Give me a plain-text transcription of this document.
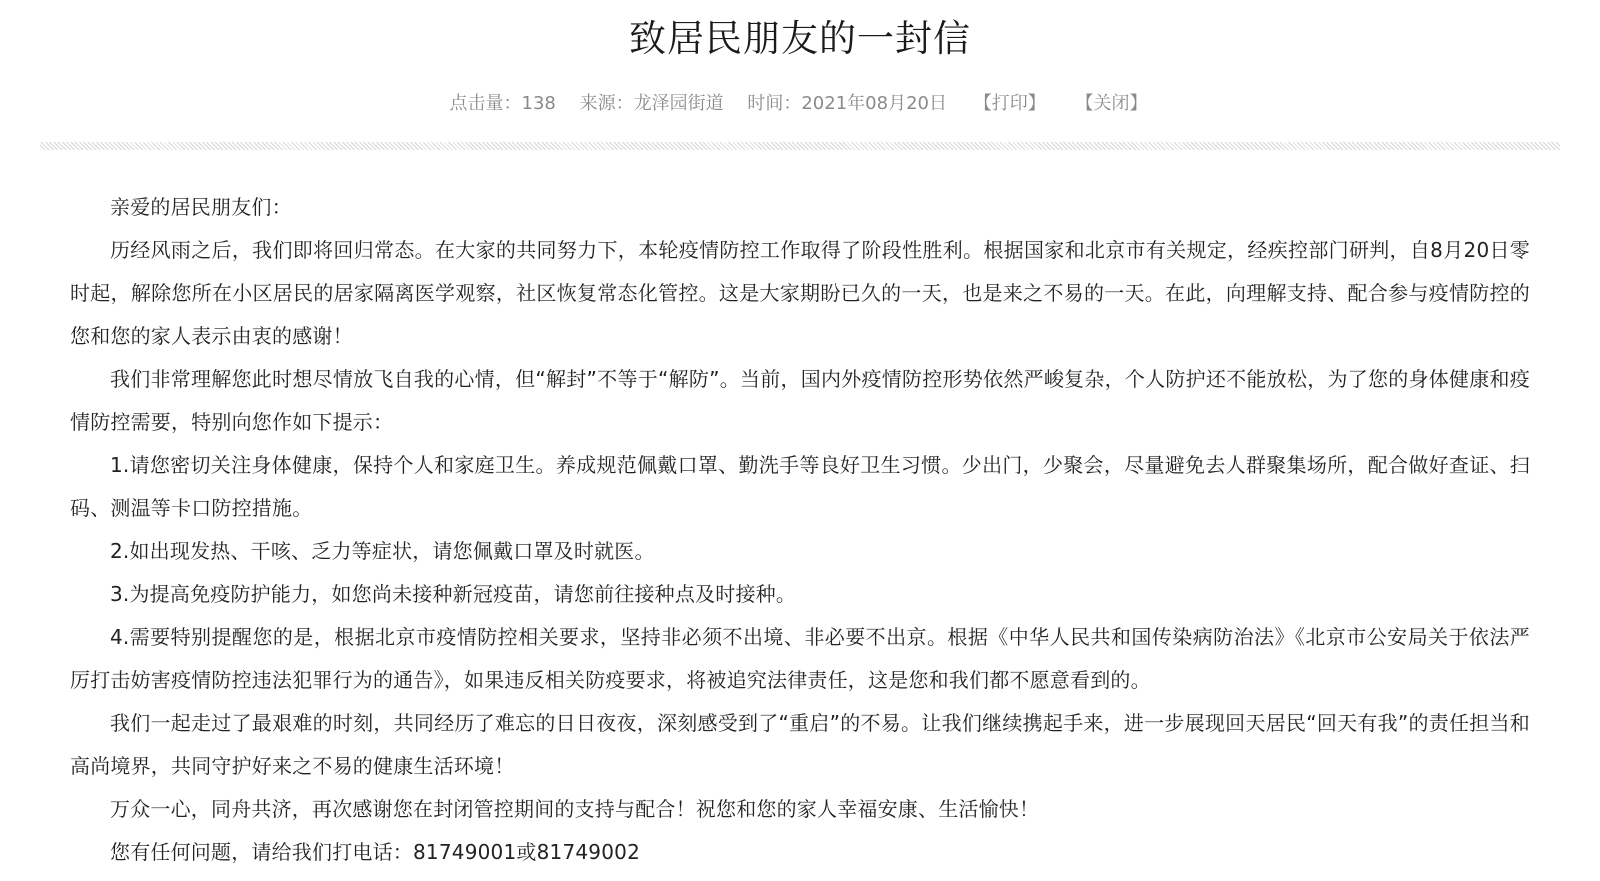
致居民朋友的一封信
点击量：138 来源：龙泽园街道 时间：2021年08月20日 【打印】 【关闭】

亲爱的居民朋友们：

历经风雨之后，我们即将回归常态。在大家的共同努力下，本轮疫情防控工作取得了阶段性胜利。根据国家和北京市有关规定，经疾控部门研判，自8月20日零时起，解除您所在小区居民的居家隔离医学观察，社区恢复常态化管控。这是大家期盼已久的一天，也是来之不易的一天。在此，向理解支持、配合参与疫情防控的您和您的家人表示由衷的感谢！

我们非常理解您此时想尽情放飞自我的心情，但“解封”不等于“解防”。当前，国内外疫情防控形势依然严峻复杂，个人防护还不能放松，为了您的身体健康和疫情防控需要，特别向您作如下提示：

1.请您密切关注身体健康，保持个人和家庭卫生。养成规范佩戴口罩、勤洗手等良好卫生习惯。少出门，少聚会，尽量避免去人群聚集场所，配合做好查证、扫码、测温等卡口防控措施。

2.如出现发热、干咳、乏力等症状，请您佩戴口罩及时就医。

3.为提高免疫防护能力，如您尚未接种新冠疫苗，请您前往接种点及时接种。

4.需要特别提醒您的是，根据北京市疫情防控相关要求，坚持非必须不出境、非必要不出京。根据《中华人民共和国传染病防治法》《北京市公安局关于依法严厉打击妨害疫情防控违法犯罪行为的通告》，如果违反相关防疫要求，将被追究法律责任，这是您和我们都不愿意看到的。

我们一起走过了最艰难的时刻，共同经历了难忘的日日夜夜，深刻感受到了“重启”的不易。让我们继续携起手来，进一步展现回天居民“回天有我”的责任担当和高尚境界，共同守护好来之不易的健康生活环境！

万众一心，同舟共济，再次感谢您在封闭管控期间的支持与配合！祝您和您的家人幸福安康、生活愉快！

您有任何问题，请给我们打电话：81749001或81749002
